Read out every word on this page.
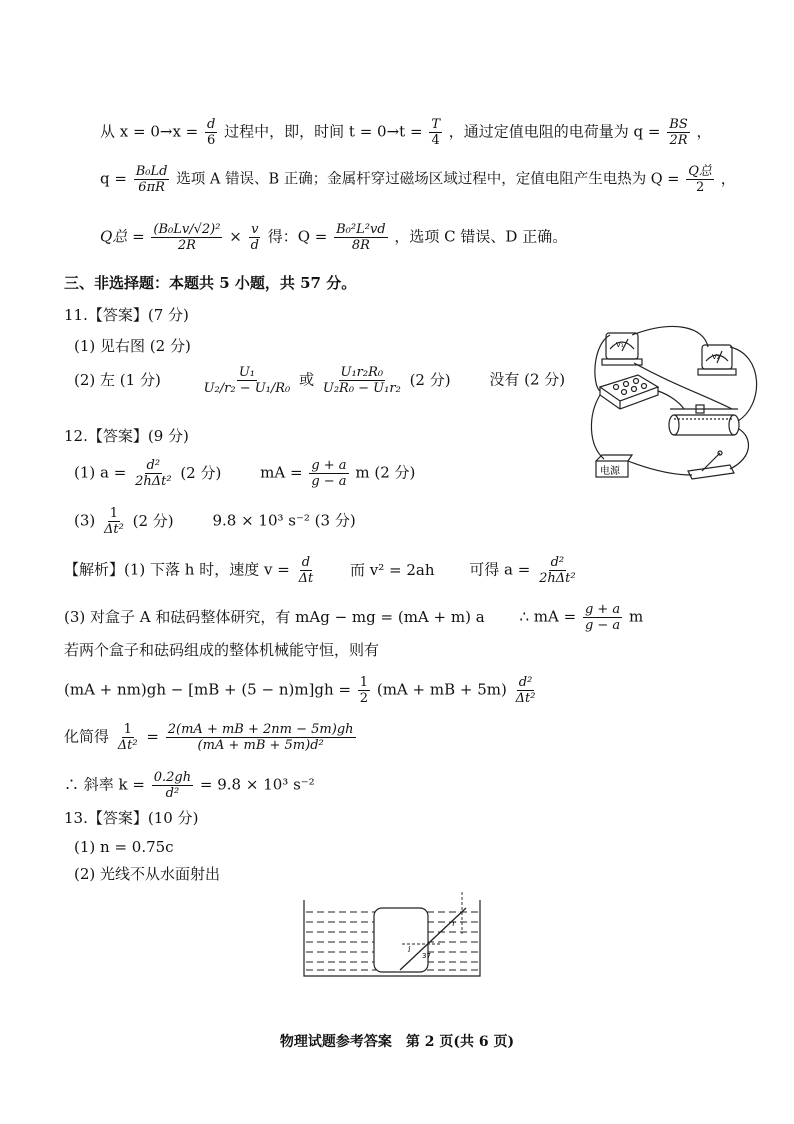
从 $x = 0\to x = \frac{d}{6}$ 过程中，即，时间 $t = 0\to t = \frac{T}{4}$ ，通过定值电阻的电荷量为 $q = \frac{BS}{2R}$ ，
$q = \frac{\text{B₀Ld}}{6\pi R}$ 选项 A 错误、B 正确；金属杆穿过磁场区域过程中，定值电阻产生电热为 $Q = \frac{\text{Q总}}{2}$ ，
Q总 = $\frac{\text{(B₀Lv/√2)²}}{2R} \times \frac{v}{d}$ 得：$Q = \frac{\text{B₀²L²vd}}{8R}$ ，选项 C 错误、D 正确。
三、非选择题：本题共 5 小题，共 57 分。
11.【答案】(7 分)
(1) 见右图 (2 分)
(2) 左 (1 分)	$\frac{\text{U₁}}{\text{U₂/r₂ − U₁/R₀}}$ 或 $\frac{\text{U₁r₂R₀}}{\text{U₂R₀ − U₁r₂}} (2$ 分)	没有 (2 分)
V₁
V₂
电源
12.【答案】(9 分)
(1) $a = \frac{\text{d²}}{\text{2hΔt²}} (2$ 分)	mA = $\frac{g + a}{g - a}$ m (2 分)
$(3) \frac{1}{\text{Δt²}} (2$ 分)	9.8 × 10³ s⁻² (3 分)
【解析】(1) 下落 h 时，速度 $v = \frac{d}{\Delta t}$ 而 v² = 2ah 可得 $a = \frac{\text{d²}}{\text{2hΔt²}}$
(3) 对盒子 A 和砝码整体研究，有 mAg − mg = (mA + m) a ∴ mA = $\frac{g + a}{g - a}$ m
若两个盒子和砝码组成的整体机械能守恒，则有
$(mA + nm)gh - [mB + (5 - n)m]gh = \frac{1}{2} (mA$ + mB + $5m) \frac{\text{d²}}{\text{Δt²}}$
化简得 $\frac{1}{\text{Δt²}} = \frac{2(mA + mB + 2nm - 5m)gh}{\text{(mA + mB + 5m)d²}}$
∴ 斜率 $k = \frac{0.2gh}{\text{d²}} = 9.8 \times 10^3$ s⁻²
13.【答案】(10 分)
(1) n = 0.75c
(2) 光线不从水面射出
r
i
37
物理试题参考答案　第 2 页(共 6 页)
